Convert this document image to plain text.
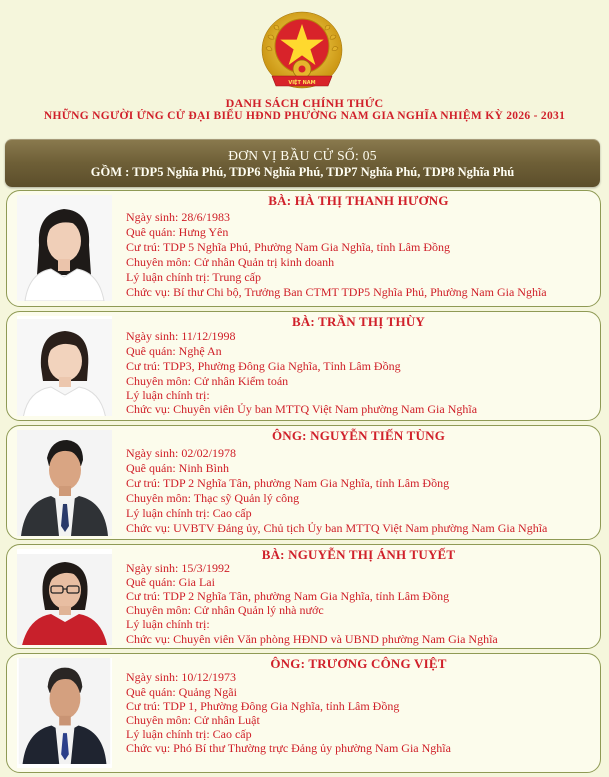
VIỆT NAM
DANH SÁCH CHÍNH THỨC
NHỮNG NGƯỜI ỨNG CỬ ĐẠI BIỂU HĐND PHƯỜNG NAM GIA NGHĨA NHIỆM KỲ 2026 - 2031
ĐƠN VỊ BẦU CỬ SỐ: 05
GỒM : TDP5 Nghĩa Phú, TDP6 Nghĩa Phú, TDP7 Nghĩa Phú, TDP8 Nghĩa Phú
BÀ: HÀ THỊ THANH HƯƠNG
Ngày sinh: 28/6/1983
Quê quán: Hưng Yên
Cư trú: TDP 5 Nghĩa Phú, Phường Nam Gia Nghĩa, tỉnh Lâm Đồng
Chuyên môn: Cử nhân Quản trị kinh doanh
Lý luận chính trị: Trung cấp
Chức vụ: Bí thư Chi bộ, Trưởng Ban CTMT TDP5 Nghĩa Phú, Phường Nam Gia Nghĩa
BÀ: TRẦN THỊ THÙY
Ngày sinh: 11/12/1998
Quê quán: Nghệ An
Cư trú: TDP3, Phường Đông Gia Nghĩa, Tỉnh Lâm Đồng
Chuyên môn: Cử nhân Kiểm toán
Lý luận chính trị:
Chức vụ: Chuyên viên Ủy ban MTTQ Việt Nam phường Nam Gia Nghĩa
ÔNG: NGUYỄN TIẾN TÙNG
Ngày sinh: 02/02/1978
Quê quán: Ninh Bình
Cư trú: TDP 2 Nghĩa Tân, phường Nam Gia Nghĩa, tỉnh Lâm Đồng
Chuyên môn: Thạc sỹ Quản lý công
Lý luận chính trị: Cao cấp
Chức vụ: UVBTV Đảng ủy, Chủ tịch Ủy ban MTTQ Việt Nam phường Nam Gia Nghĩa
BÀ: NGUYỄN THỊ ÁNH TUYẾT
Ngày sinh: 15/3/1992
Quê quán: Gia Lai
Cư trú: TDP 2 Nghĩa Tân, phường Nam Gia Nghĩa, tỉnh Lâm Đồng
Chuyên môn: Cử nhân Quản lý nhà nước
Lý luận chính trị:
Chức vụ: Chuyên viên Văn phòng HĐND và UBND phường Nam Gia Nghĩa
ÔNG: TRƯƠNG CÔNG VIỆT
Ngày sinh: 10/12/1973
Quê quán: Quảng Ngãi
Cư trú: TDP 1, Phường Đông Gia Nghĩa, tỉnh Lâm Đồng
Chuyên môn: Cử nhân Luật
Lý luận chính trị: Cao cấp
Chức vụ: Phó Bí thư Thường trực Đảng ủy phường Nam Gia Nghĩa
